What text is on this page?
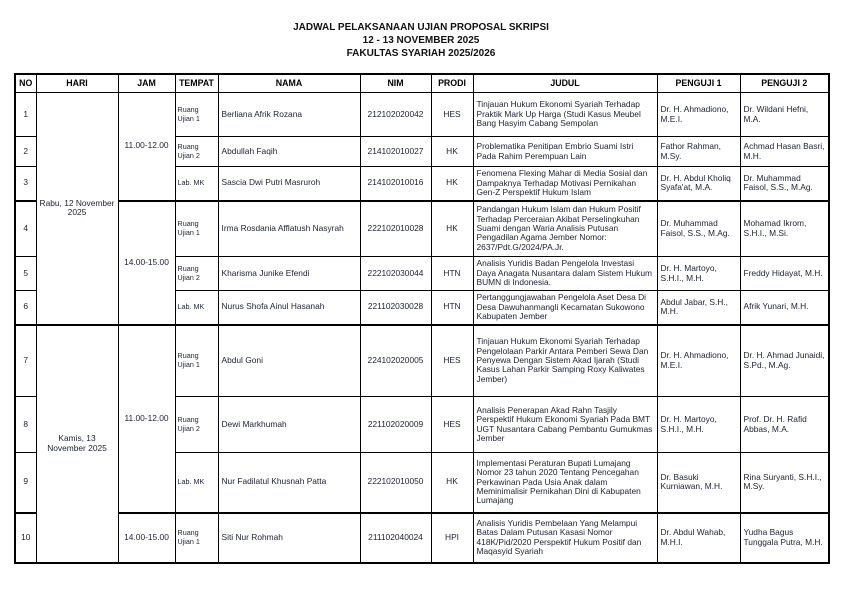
JADWAL PELAKSANAAN UJIAN PROPOSAL SKRIPSI
12 - 13 NOVEMBER 2025
FAKULTAS SYARIAH 2025/2026
NO	HARI	JAM	TEMPAT	NAMA	NIM	PRODI	JUDUL	PENGUJI 1	PENGUJI 2
1	Rabu, 12 November 2025	11.00-12.00	Ruang Ujian 1	Berliana Afrik Rozana	212102020042	HES	Tinjauan Hukum Ekonomi Syariah Terhadap Praktik Mark Up Harga (Studi Kasus Meubel Bang Hasyim Cabang Sempolan	Dr. H. Ahmadiono, M.E.I.	Dr. Wildani Hefni, M.A.
2			Ruang Ujian 2	Abdullah Faqih	214102010027	HK	Problematika Penitipan Embrio Suami Istri Pada Rahim Perempuan Lain	Fathor Rahman, M.Sy.	Achmad Hasan Basri, M.H.
3			Lab. MK	Sascia Dwi Putri Masruroh	214102010016	HK	Fenomena Flexing Mahar di Media Sosial dan Dampaknya Terhadap Motivasi Pernikahan Gen-Z Perspektif Hukum Islam	Dr. H. Abdul Kholiq Syafa'at, M.A.	Dr. Muhammad Faisol, S.S., M.Ag.
4		14.00-15.00	Ruang Ujian 1	Irma Rosdania Afflatush Nasyrah	222102010028	HK	Pandangan Hukum Islam dan Hukum Positif Terhadap Perceraian Akibat Perselingkuhan Suami dengan Waria Analisis Putusan Pengadilan Agama Jember Nomor: 2637/Pdt.G/2024/PA.Jr.	Dr. Muhammad Faisol, S.S., M.Ag.	Mohamad Ikrom, S.H.I., M.Si.
5			Ruang Ujian 2	Kharisma Junike Efendi	222102030044	HTN	Analisis Yuridis Badan Pengelola Investasi Daya Anagata Nusantara dalam Sistem Hukum BUMN di Indonesia.	Dr. H. Martoyo, S.H.I., M.H.	Freddy Hidayat, M.H.
6			Lab. MK	Nurus Shofa Ainul Hasanah	221102030028	HTN	Pertanggungjawaban Pengelola Aset Desa Di Desa Dawuhanmangli Kecamatan Sukowono Kabupaten Jember	Abdul Jabar, S.H., M.H.	Afrik Yunari, M.H.
7	Kamis, 13 November 2025	11.00-12.00	Ruang Ujian 1	Abdul Goni	224102020005	HES	Tinjauan Hukum Ekonomi Syariah Terhadap Pengelolaan Parkir Antara Pemberi Sewa Dan Penyewa Dengan Sistem Akad Ijarah (Studi Kasus Lahan Parkir Samping Roxy Kaliwates Jember)	Dr. H. Ahmadiono, M.E.I.	Dr. H. Ahmad Junaidi, S.Pd., M.Ag.
8			Ruang Ujian 2	Dewi Markhumah	221102020009	HES	Analisis Penerapan Akad Rahn Tasjily Perspektif Hukum Ekonomi Syariah Pada BMT UGT Nusantara Cabang Pembantu Gumukmas Jember	Dr. H. Martoyo, S.H.I., M.H.	Prof. Dr. H. Rafid Abbas, M.A.
9			Lab. MK	Nur Fadilatul Khusnah Patta	222102010050	HK	Implementasi Peraturan Bupati Lumajang Nomor 23 tahun 2020 Tentang Pencegahan Perkawinan Pada Usia Anak dalam Meminimalisir Pernikahan Dini di Kabupaten Lumajang	Dr. Basuki Kurniawan, M.H.	Rina Suryanti, S.H.I., M.Sy.
10		14.00-15.00	Ruang Ujian 1	Siti Nur Rohmah	211102040024	HPI	Analisis Yuridis Pembelaan Yang Melampui Batas Dalam Putusan Kasasi Nomor 418K/Pid/2020 Perspektif Hukum Positif dan Maqasyid Syariah	Dr. Abdul Wahab, M.H.I.	Yudha Bagus Tunggala Putra, M.H.
